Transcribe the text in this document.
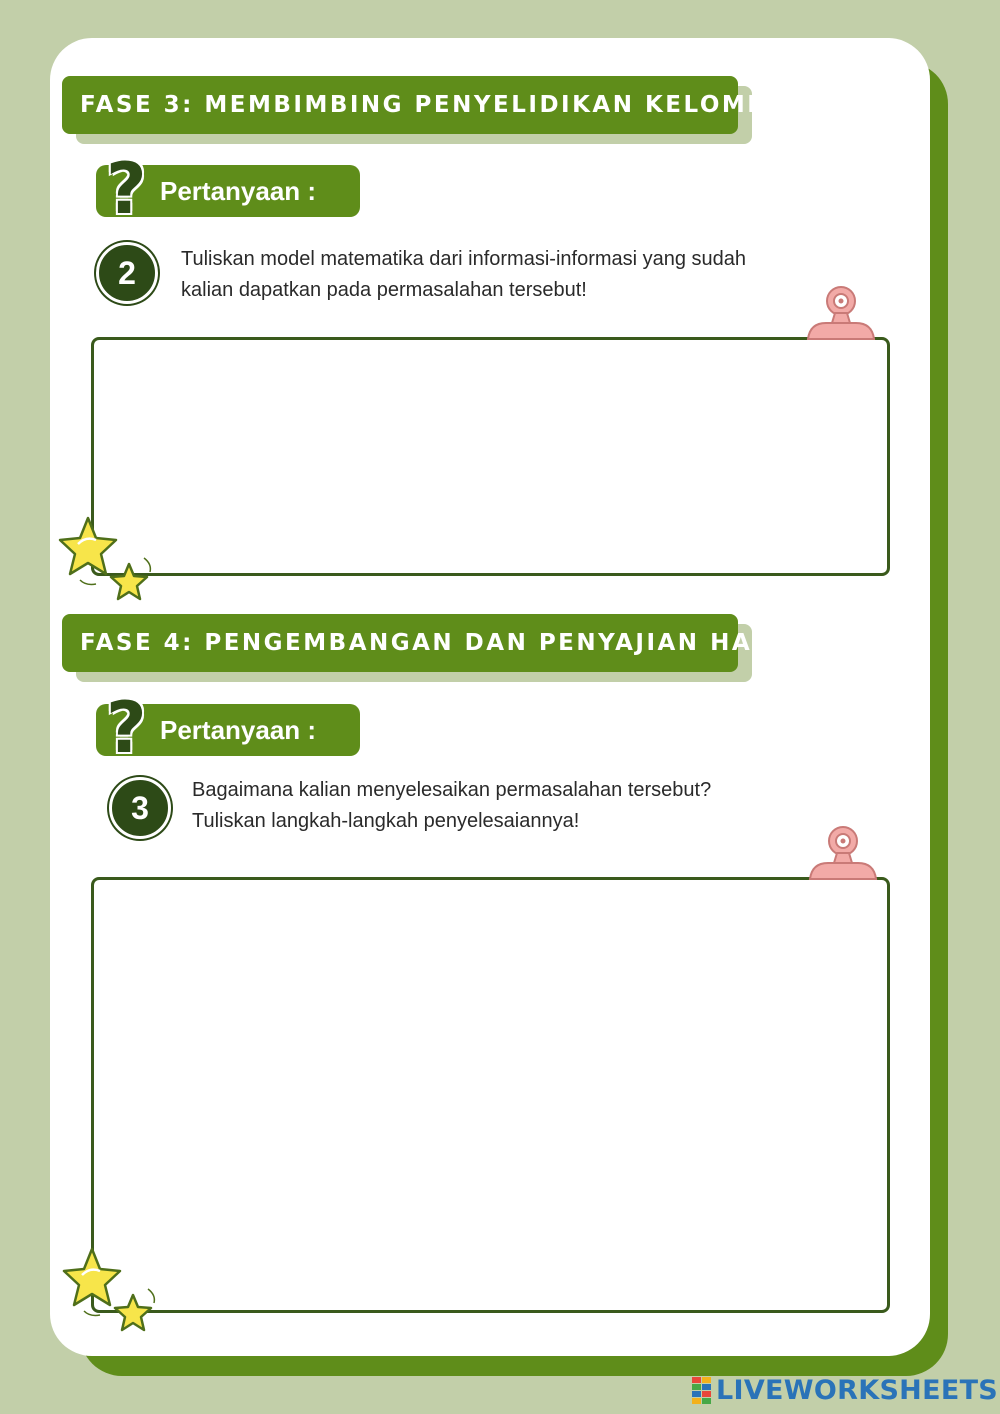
FASE 3: MEMBIMBING PENYELIDIKAN KELOMPOK
? Pertanyaan :
2	Tuliskan model matematika dari informasi-informasi yang sudah
kalian dapatkan pada permasalahan tersebut!
FASE 4: PENGEMBANGAN DAN PENYAJIAN HASIL
? Pertanyaan :
3	Bagaimana kalian menyelesaikan permasalahan tersebut?
Tuliskan langkah-langkah penyelesaiannya!
LIVEWORKSHEETS
